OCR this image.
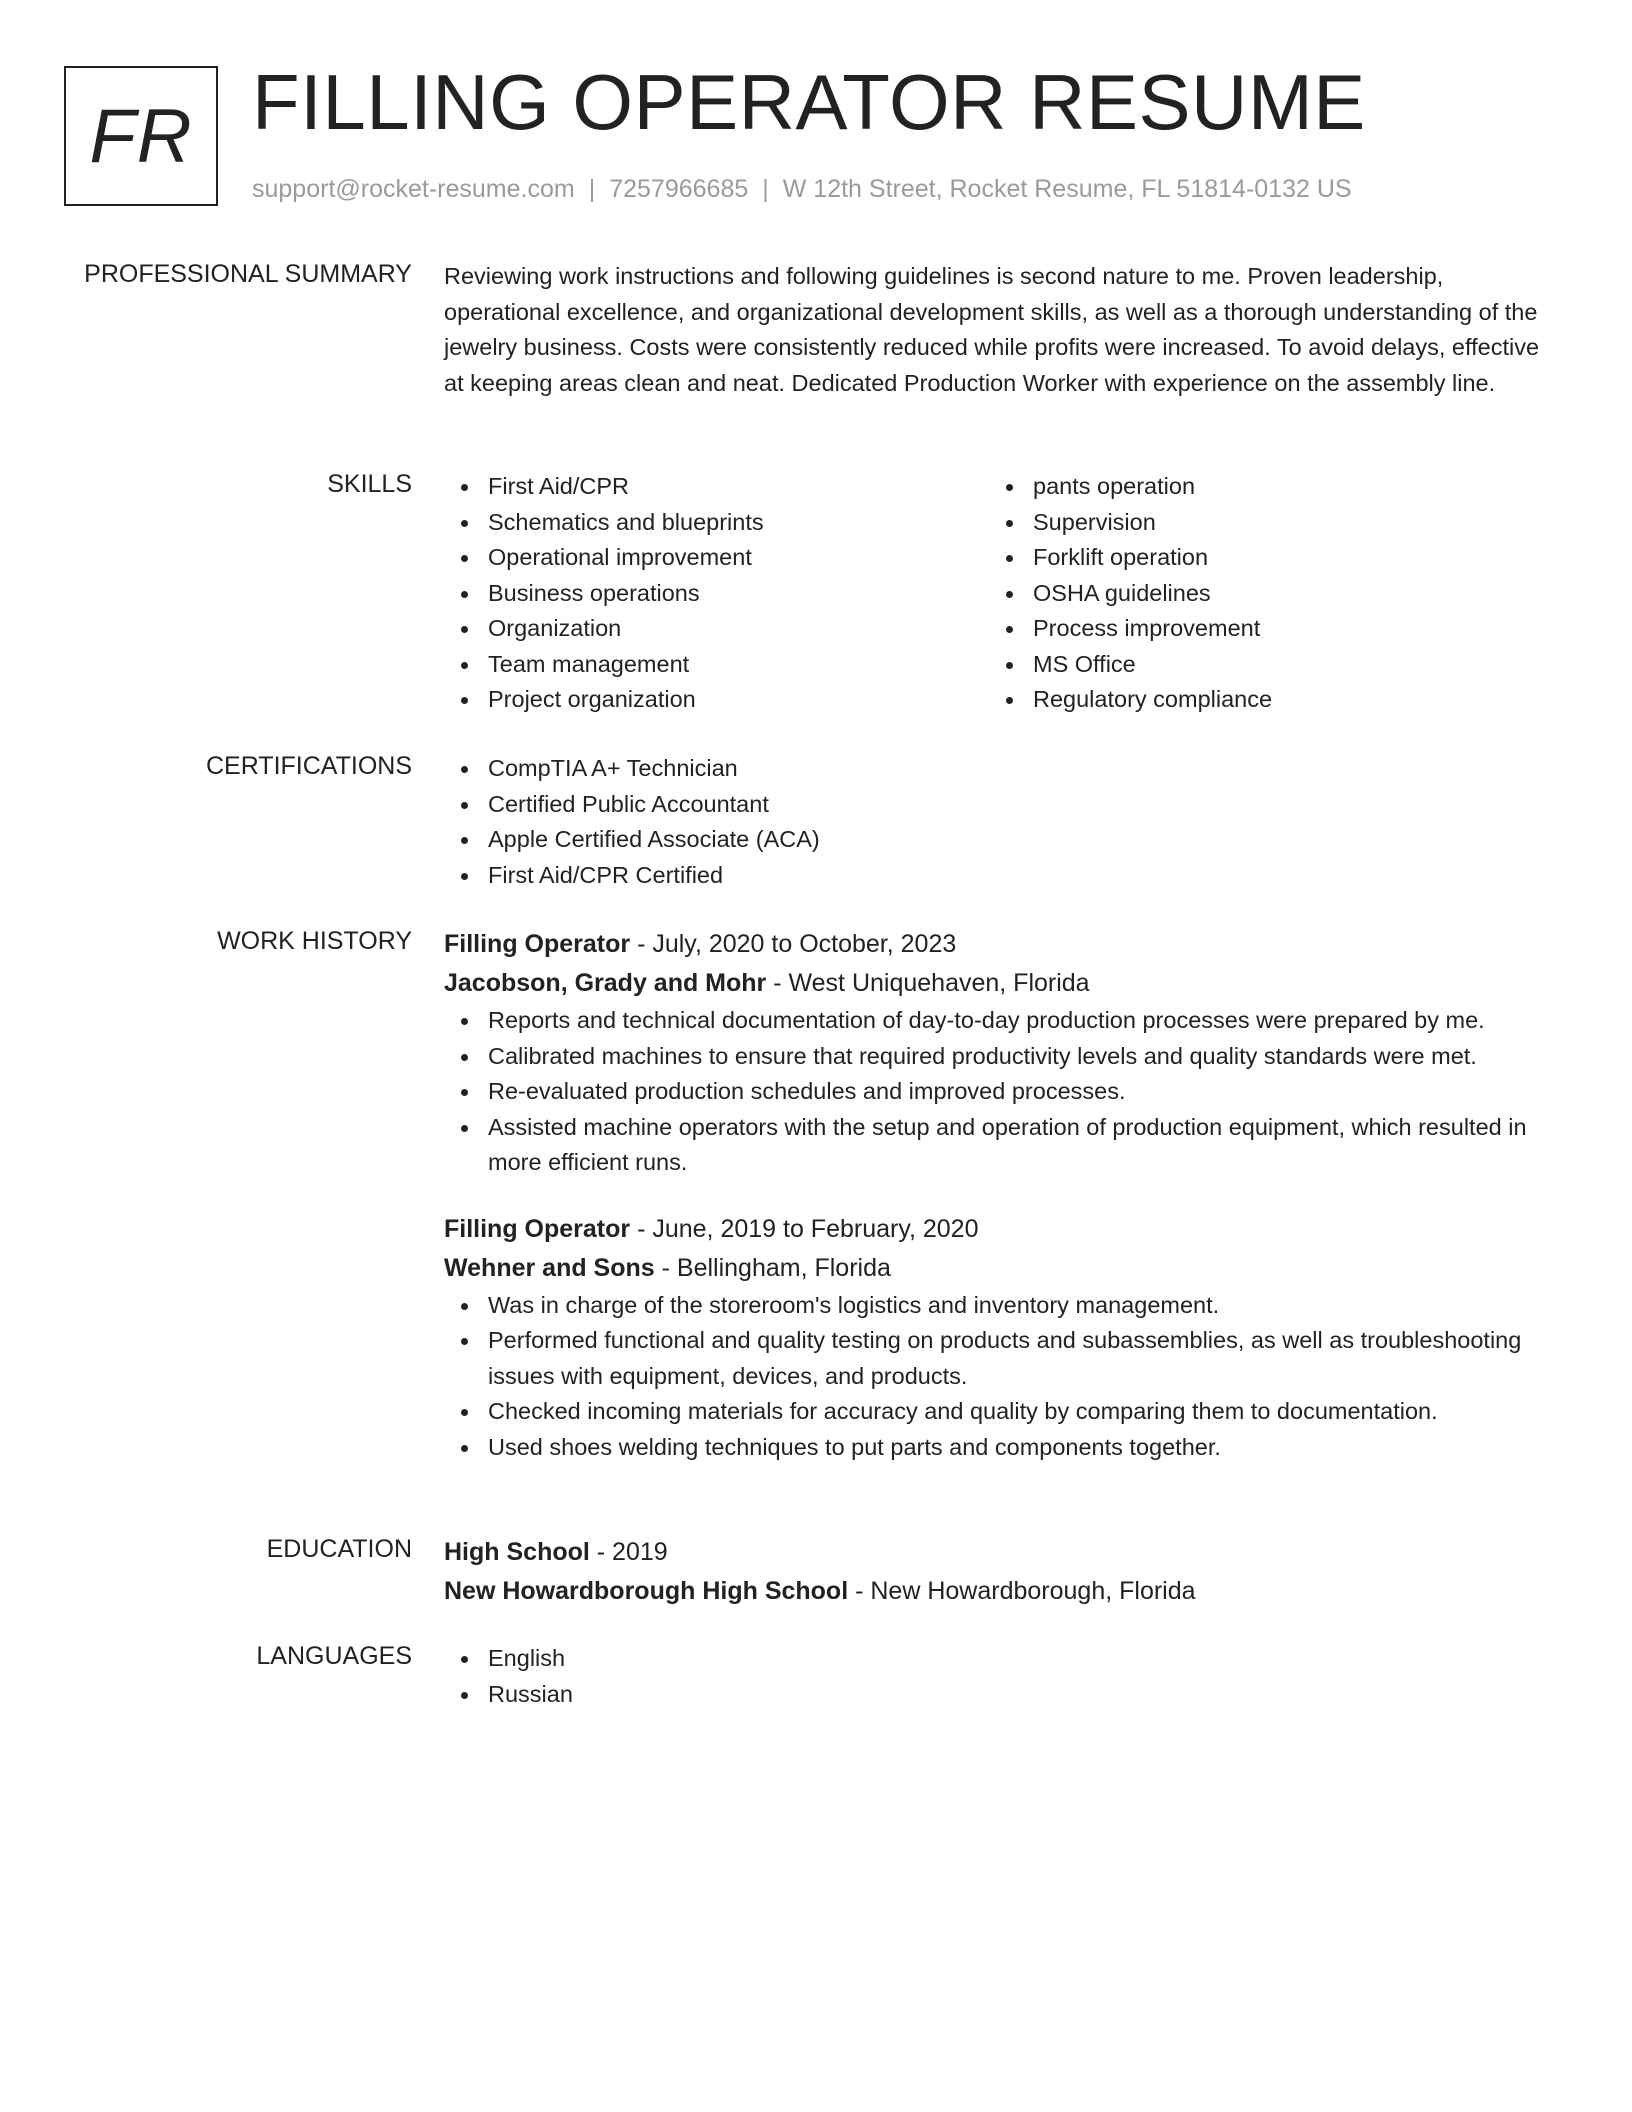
FR FILLING OPERATOR RESUME
support@rocket-resume.com | 7257966685 | W 12th Street, Rocket Resume, FL 51814-0132 US
PROFESSIONAL SUMMARY Reviewing work instructions and following guidelines is second nature to me. Proven leadership, operational excellence, and organizational development skills, as well as a thorough understanding of the jewelry business. Costs were consistently reduced while profits were increased. To avoid delays, effective at keeping areas clean and neat. Dedicated Production Worker with experience on the assembly line.
SKILLS	First Aid/CPR
Schematics and blueprints
Operational improvement
Business operations
Organization
Team management
Project organization
pants operation
Supervision
Forklift operation
OSHA guidelines
Process improvement
MS Office
Regulatory compliance
CERTIFICATIONS	CompTIA A+ Technician
Certified Public Accountant
Apple Certified Associate (ACA)
First Aid/CPR Certified
WORK HISTORY Filling Operator - July, 2020 to October, 2023
Jacobson, Grady and Mohr - West Uniquehaven, Florida
Reports and technical documentation of day-to-day production processes were prepared by me.
Calibrated machines to ensure that required productivity levels and quality standards were met.
Re-evaluated production schedules and improved processes.
Assisted machine operators with the setup and operation of production equipment, which resulted in more efficient runs.
Filling Operator - June, 2019 to February, 2020
Wehner and Sons - Bellingham, Florida
Was in charge of the storeroom's logistics and inventory management.
Performed functional and quality testing on products and subassemblies, as well as troubleshooting issues with equipment, devices, and products.
Checked incoming materials for accuracy and quality by comparing them to documentation.
Used shoes welding techniques to put parts and components together.
EDUCATION High School - 2019
New Howardborough High School - New Howardborough, Florida
LANGUAGES	English
Russian
